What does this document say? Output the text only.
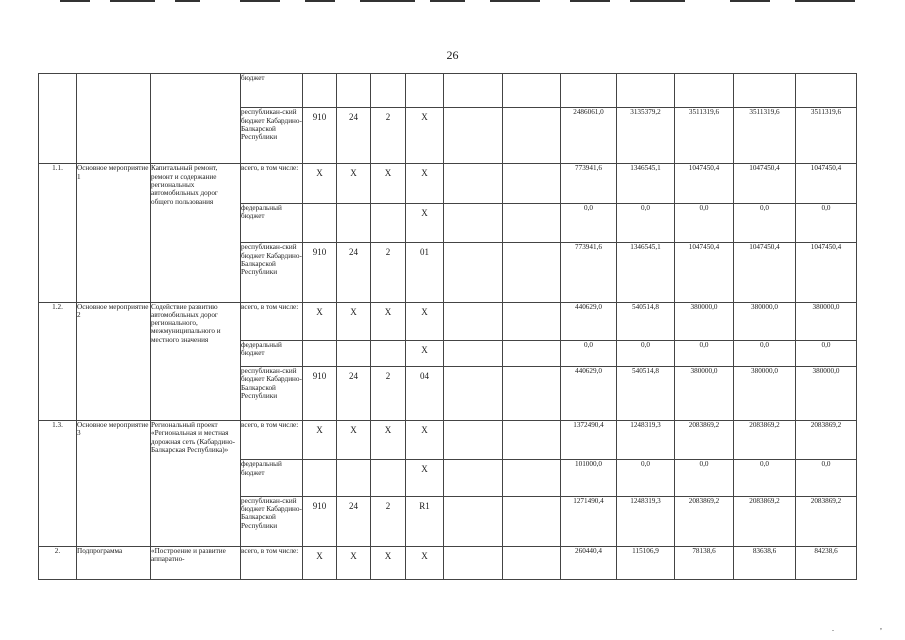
26

			бюджет											

			республикан-ский бюджет Кабардино-Балкарской Республики	910	24	2	X			2486061,0	3135379,2	3511319,6	3511319,6	3511319,6

1.1.	Основное мероприятие 1	Капитальный ремонт, ремонт и содержание региональных автомобильных дорог общего пользования	всего, в том числе:	X	X	X	X			773941,6	1346545,1	1047450,4	1047450,4	1047450,4

			федеральный бюджет				X			0,0	0,0	0,0	0,0	0,0

			республикан-ский бюджет Кабардино-Балкарской Республики	910	24	2	01			773941,6	1346545,1	1047450,4	1047450,4	1047450,4

1.2.	Основное мероприятие 2	Содействие развитию автомобильных дорог регионального, межмуниципального и местного значения	всего, в том числе:	X	X	X	X			440629,0	540514,8	380000,0	380000,0	380000,0

			федеральный бюджет				X			0,0	0,0	0,0	0,0	0,0

			республикан-ский бюджет Кабардино-Балкарской Республики	910	24	2	04			440629,0	540514,8	380000,0	380000,0	380000,0

1.3.	Основное мероприятие 3	Региональный проект «Региональная и местная дорожная сеть (Кабардино-Балкарская Республика)»	всего, в том числе:	X	X	X	X			1372490,4	1248319,3	2083869,2	2083869,2	2083869,2

			федеральный бюджет				X			101000,0	0,0	0,0	0,0	0,0

			республикан-ский бюджет Кабардино-Балкарской Республики	910	24	2	R1			1271490,4	1248319,3	2083869,2	2083869,2	2083869,2

2.	Подпрограмма	«Построение и развитие аппаратно-	всего, в том числе:	X	X	X	X			260440,4	115106,9	78138,6	83638,6	84238,6
.	,
